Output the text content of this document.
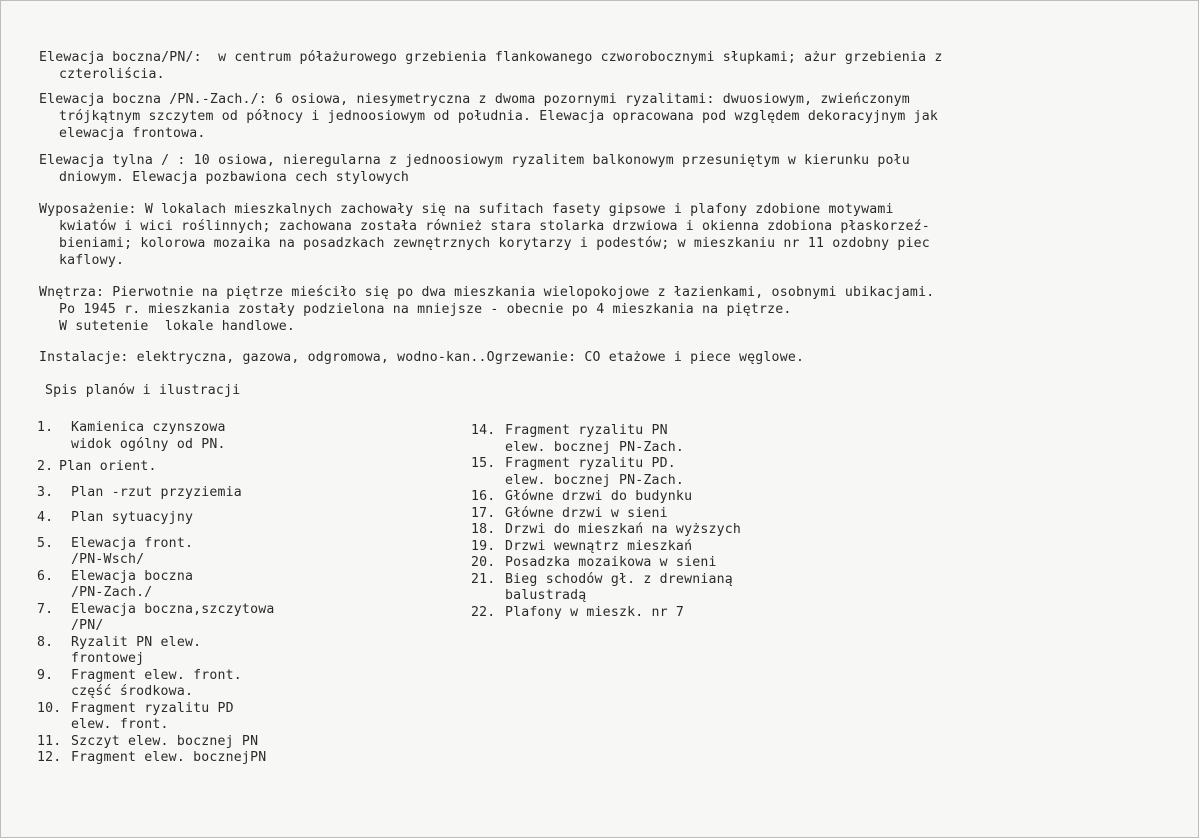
Elewacja boczna/PN/:  w centrum półażurowego grzebienia flankowanego czworobocznymi słupkami; ażur grzebienia z
czteroliścia.
Elewacja boczna /PN.-Zach./: 6 osiowa, niesymetryczna z dwoma pozornymi ryzalitami: dwuosiowym, zwieńczonym
trójkątnym szczytem od północy i jednoosiowym od południa. Elewacja opracowana pod względem dekoracyjnym jak
elewacja frontowa.
Elewacja tylna / : 10 osiowa, nieregularna z jednoosiowym ryzalitem balkonowym przesuniętym w kierunku połu
dniowym. Elewacja pozbawiona cech stylowych
Wyposażenie: W lokalach mieszkalnych zachowały się na sufitach fasety gipsowe i plafony zdobione motywami
kwiatów i wici roślinnych; zachowana została również stara stolarka drzwiowa i okienna zdobiona płaskorzeź-
bieniami; kolorowa mozaika na posadzkach zewnętrznych korytarzy i podestów; w mieszkaniu nr 11 ozdobny piec
kaflowy.
Wnętrza: Pierwotnie na piętrze mieściło się po dwa mieszkania wielopokojowe z łazienkami, osobnymi ubikacjami.
Po 1945 r. mieszkania zostały podzielona na mniejsze - obecnie po 4 mieszkania na piętrze.
W sutetenie  lokale handlowe.
Instalacje: elektryczna, gazowa, odgromowa, wodno-kan..Ogrzewanie: CO etażowe i piece węglowe.
Spis planów i ilustracji
1.	Kamienica czynszowa
widok ogólny od PN.
2. Plan orient.
3.	Plan -rzut przyziemia
4.	Plan sytuacyjny
5.	Elewacja front.
/PN-Wsch/
6.	Elewacja boczna
/PN-Zach./
7.	Elewacja boczna,szczytowa
/PN/
8.	Ryzalit PN elew.
frontowej
9.	Fragment elew. front.
część środkowa.
10. Fragment ryzalitu PD
elew. front.
11. Szczyt elew. bocznej PN
12. Fragment elew. bocznejPN
14. Fragment ryzalitu PN
elew. bocznej PN-Zach.
15. Fragment ryzalitu PD.
elew. bocznej PN-Zach.
16. Główne drzwi do budynku
17. Główne drzwi w sieni
18. Drzwi do mieszkań na wyższych
19. Drzwi wewnątrz mieszkań
20. Posadzka mozaikowa w sieni
21. Bieg schodów gł. z drewnianą
balustradą
22. Plafony w mieszk. nr 7
